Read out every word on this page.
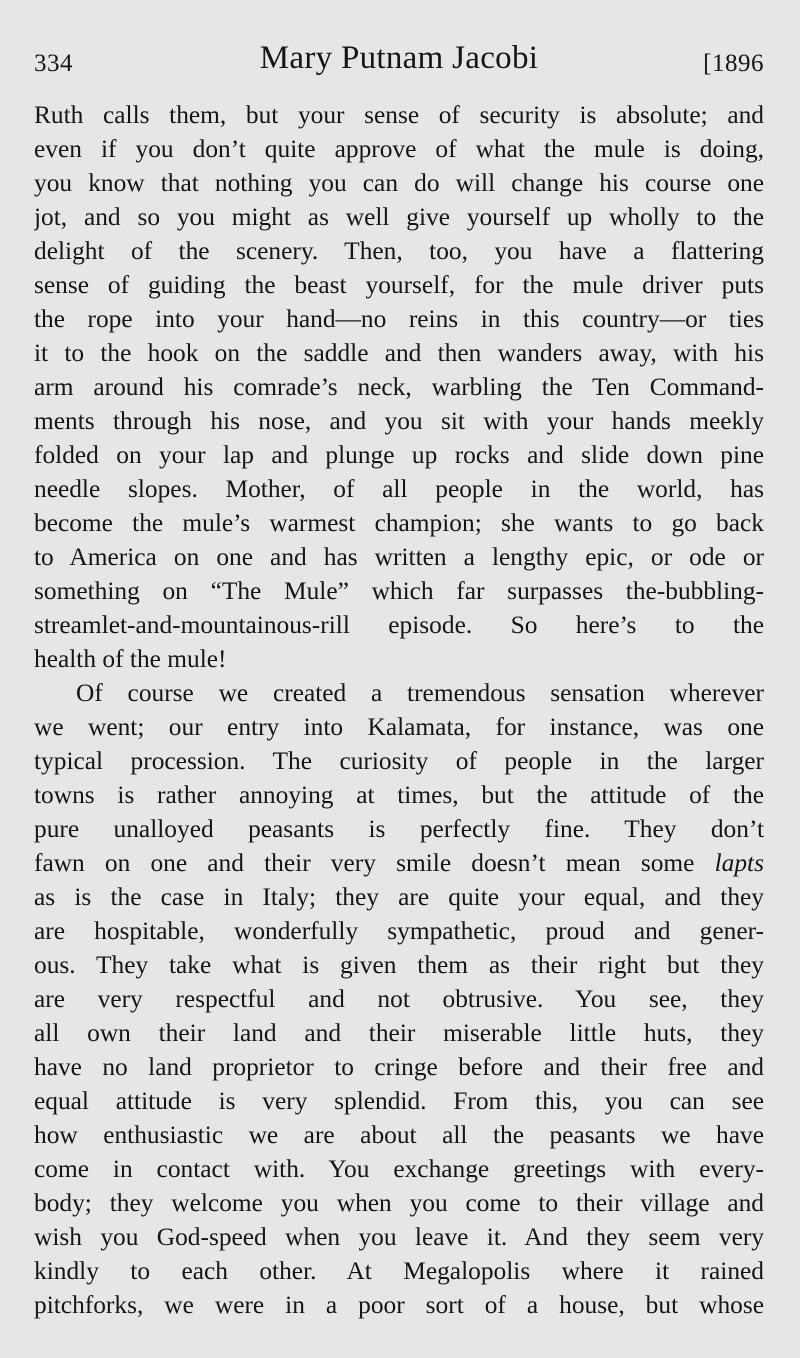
334	Mary Putnam Jacobi	[1896
Ruth calls them, but your sense of security is absolute; and
even if you don’t quite approve of what the mule is doing,
you know that nothing you can do will change his course one
jot, and so you might as well give yourself up wholly to the
delight of the scenery. Then, too, you have a flattering
sense of guiding the beast yourself, for the mule driver puts
the rope into your hand—no reins in this country—or ties
it to the hook on the saddle and then wanders away, with his
arm around his comrade’s neck, warbling the Ten Command-
ments through his nose, and you sit with your hands meekly
folded on your lap and plunge up rocks and slide down pine
needle slopes. Mother, of all people in the world, has
become the mule’s warmest champion; she wants to go back
to America on one and has written a lengthy epic, or ode or
something on “The Mule” which far surpasses the-bubbling-
streamlet-and-mountainous-rill episode. So here’s to the
health of the mule!
Of course we created a tremendous sensation wherever
we went; our entry into Kalamata, for instance, was one
typical procession. The curiosity of people in the larger
towns is rather annoying at times, but the attitude of the
pure unalloyed peasants is perfectly fine. They don’t
fawn on one and their very smile doesn’t mean some lapts
as is the case in Italy; they are quite your equal, and they
are hospitable, wonderfully sympathetic, proud and gener-
ous. They take what is given them as their right but they
are very respectful and not obtrusive. You see, they
all own their land and their miserable little huts, they
have no land proprietor to cringe before and their free and
equal attitude is very splendid. From this, you can see
how enthusiastic we are about all the peasants we have
come in contact with. You exchange greetings with every-
body; they welcome you when you come to their village and
wish you God-speed when you leave it. And they seem very
kindly to each other. At Megalopolis where it rained
pitchforks, we were in a poor sort of a house, but whose
